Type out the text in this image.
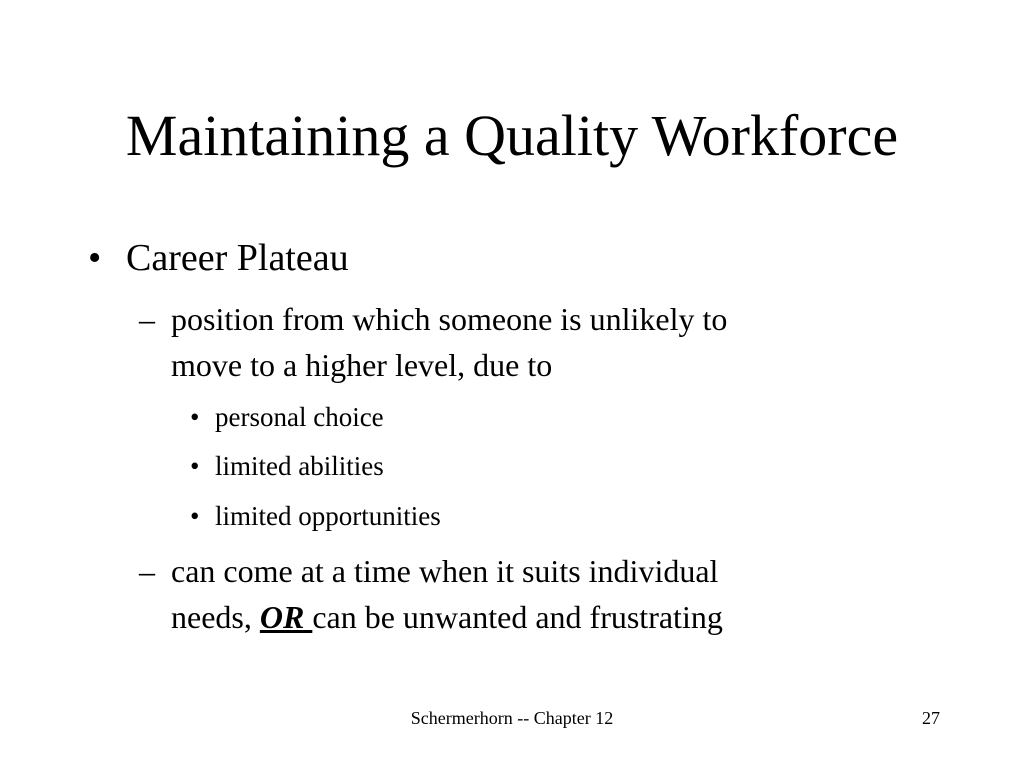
Maintaining a Quality Workforce
• Career Plateau
– position from which someone is unlikely to
move to a higher level, due to
• personal choice
• limited abilities
• limited opportunities
– can come at a time when it suits individual
needs, OR can be unwanted and frustrating
Schermerhorn -- Chapter 12	27
